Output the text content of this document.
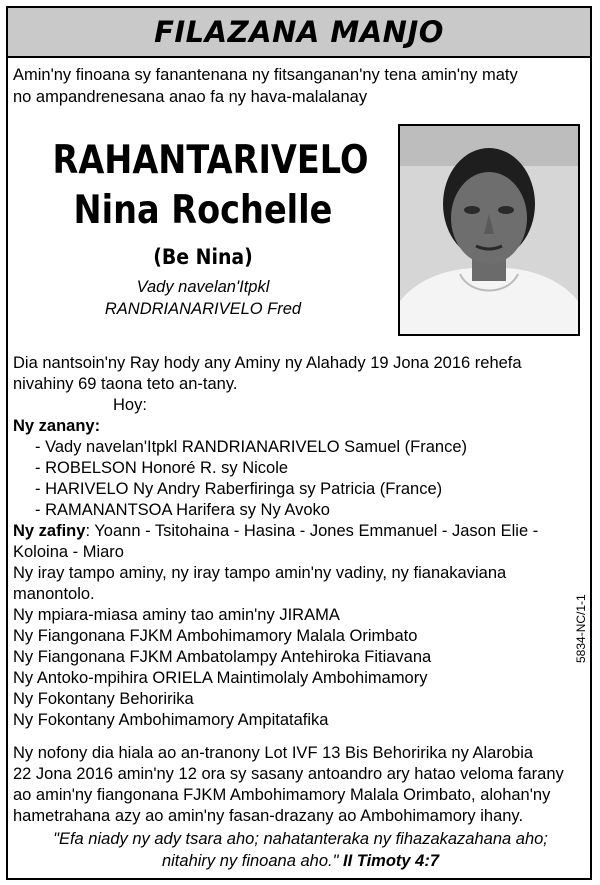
FILAZANA MANJO
Amin'ny finoana sy fanantenana ny fitsanganan'ny tena amin'ny maty
no ampandrenesana anao fa ny hava-malalanay
RAHANTARIVELO
Nina Rochelle
(Be Nina)
Vady navelan'Itpkl
RANDRIANARIVELO Fred
Dia nantsoin'ny Ray hody any Aminy ny Alahady 19 Jona 2016 rehefa
nivahiny 69 taona teto an-tany.
Hoy:
Ny zanany:
- Vady navelan'Itpkl RANDRIANARIVELO Samuel (France)
- ROBELSON Honoré R. sy Nicole
- HARIVELO Ny Andry Raberfiringa sy Patricia (France)
- RAMANANTSOA Harifera sy Ny Avoko
Ny zafiny: Yoann - Tsitohaina - Hasina - Jones Emmanuel - Jason Elie -
Koloina - Miaro
Ny iray tampo aminy, ny iray tampo amin'ny vadiny, ny fianakaviana
manontolo.
Ny mpiara-miasa aminy tao amin'ny JIRAMA
Ny Fiangonana FJKM Ambohimamory Malala Orimbato
Ny Fiangonana FJKM Ambatolampy Antehiroka Fitiavana
Ny Antoko-mpihira ORIELA Maintimolaly Ambohimamory
Ny Fokontany Behoririka
Ny Fokontany Ambohimamory Ampitatafika
Ny nofony dia hiala ao an-tranony Lot IVF 13 Bis Behoririka ny Alarobia
22 Jona 2016 amin'ny 12 ora sy sasany antoandro ary hatao veloma farany
ao amin'ny fiangonana FJKM Ambohimamory Malala Orimbato, alohan'ny
hametrahana azy ao amin'ny fasan-drazany ao Ambohimamory ihany.
5834-NC/1-1
"Efa niady ny ady tsara aho; nahatanteraka ny fihazakazahana aho;
nitahiry ny finoana aho." II Timoty 4:7
